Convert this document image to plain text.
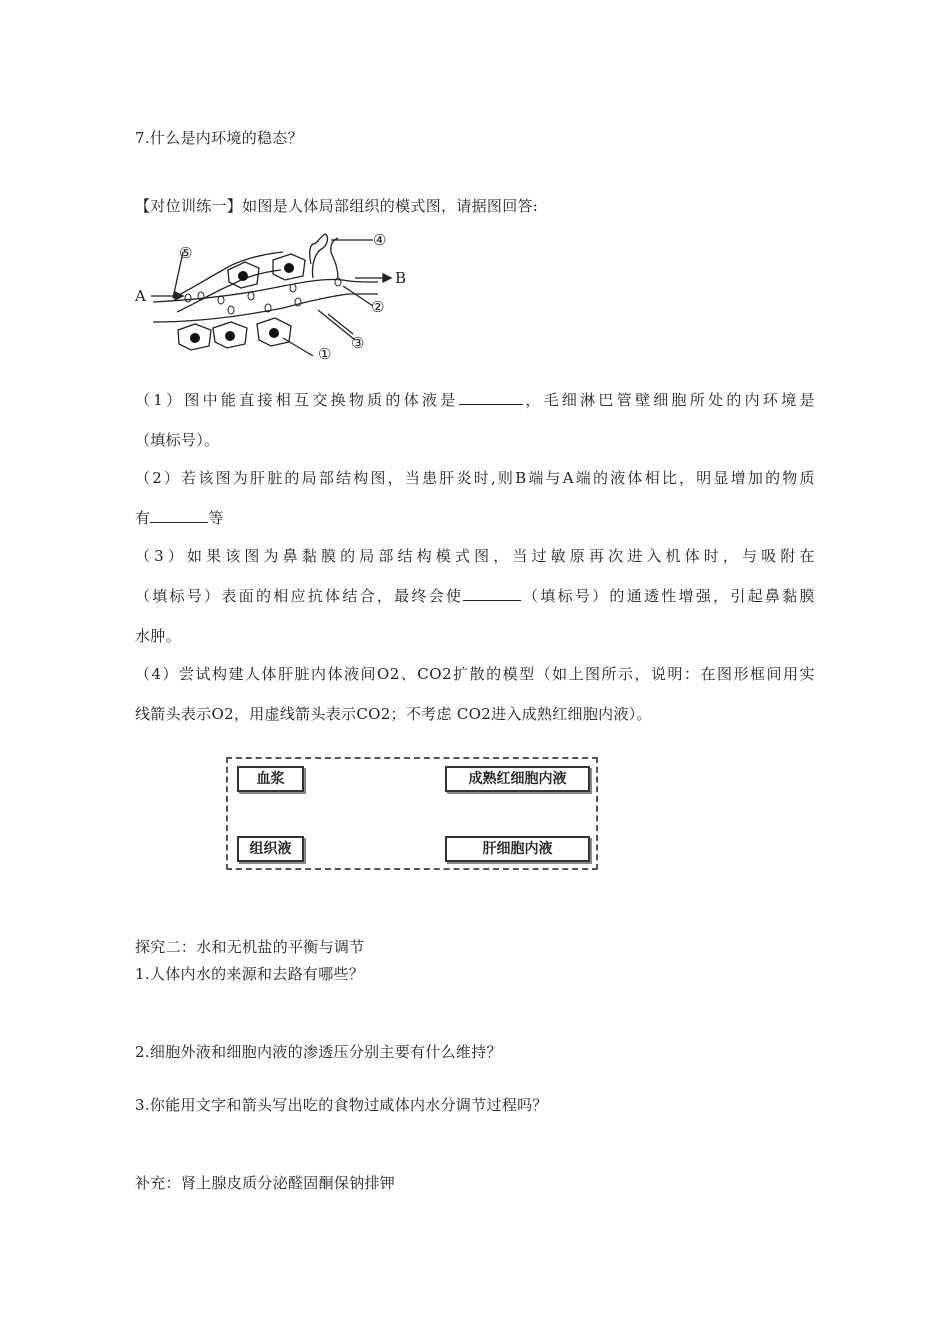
7.什么是内环境的稳态？
【对位训练一】如图是人体局部组织的模式图，请据图回答:
A
B
①
②
③
④
⑤
（1）图中能直接相互交换物质的体液是	，毛细淋巴管壁细胞所处的内环境是
（填标号）。
（2）若该图为肝脏的局部结构图，当患肝炎时,则B端与A端的液体相比，明显增加的物质
有	等
（3）如果该图为鼻黏膜的局部结构模式图，当过敏原再次进入机体时，与吸附在
（填标号）表面的相应抗体结合，最终会使	（填标号）的通透性增强，引起鼻黏膜
水肿。
（4）尝试构建人体肝脏内体液间O2、CO2扩散的模型（如上图所示，说明：在图形框间用实
线箭头表示O2，用虚线箭头表示CO2；不考虑 CO2进入成熟红细胞内液）。
血浆	成熟红细胞内液
组织液	肝细胞内液
探究二：水和无机盐的平衡与调节
1.人体内水的来源和去路有哪些？
2.细胞外液和细胞内液的渗透压分别主要有什么维持？
3.你能用文字和箭头写出吃的食物过咸体内水分调节过程吗？
补充：肾上腺皮质分泌醛固酮保钠排钾
